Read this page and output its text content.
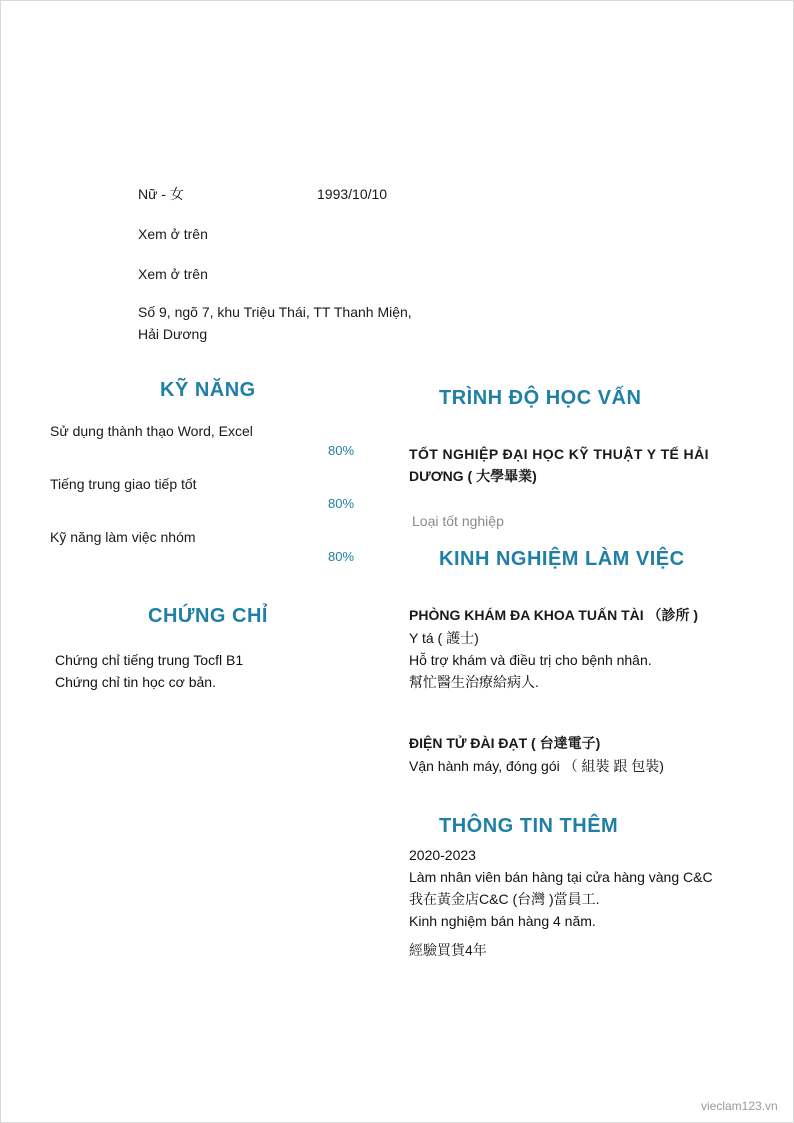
Nữ - 女	1993/10/10
Xem ở trên
Xem ở trên
Số 9, ngõ 7, khu Triệu Thái, TT Thanh Miện,
Hải Dương
KỸ NĂNG
Sử dụng thành thạo Word, Excel
80%
Tiếng trung giao tiếp tốt
80%
Kỹ năng làm việc nhóm
80%
CHỨNG CHỈ
Chứng chỉ tiếng trung Tocfl B1
Chứng chỉ tin học cơ bản.
TRÌNH ĐỘ HỌC VẤN
TỐT NGHIỆP ĐẠI HỌC KỸ THUẬT Y TẾ HẢI
DƯƠNG ( 大學畢業)
Loại tốt nghiệp
KINH NGHIỆM LÀM VIỆC
PHÒNG KHÁM ĐA KHOA TUẤN TÀI （診所 )
Y tá ( 護士)
Hỗ trợ khám và điều trị cho bệnh nhân.
幫忙醫生治療給病人.
ĐIỆN TỬ ĐÀI ĐẠT ( 台達電子)
Vận hành máy, đóng gói （ 組裝 跟 包裝)
THÔNG TIN THÊM
2020-2023
Làm nhân viên bán hàng tại cửa hàng vàng C&C
我在黃金店C&C (台灣 )當員工.
Kinh nghiệm bán hàng 4 năm.
經驗買貨4年
vieclam123.vn
